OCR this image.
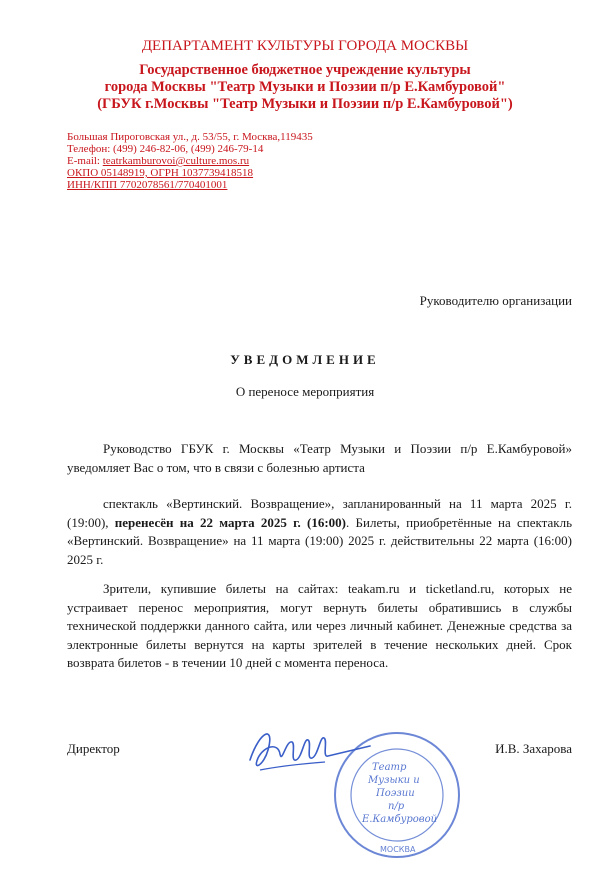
ДЕПАРТАМЕНТ КУЛЬТУРЫ ГОРОДА МОСКВЫ
Государственное бюджетное учреждение культуры
города Москвы "Театр Музыки и Поэзии п/р Е.Камбуровой"
(ГБУК г.Москвы "Театр Музыки и Поэзии п/р Е.Камбуровой")
Большая Пироговская ул., д. 53/55, г. Москва,119435
Телефон: (499) 246-82-06, (499) 246-79-14
E-mail: teatrkamburovoi@culture.mos.ru
ОКПО 05148919, ОГРН 1037739418518
ИНН/КПП 7702078561/770401001
Руководителю организации
УВЕДОМЛЕНИЕ
О переносе мероприятия
Руководство ГБУК г. Москвы «Театр Музыки и Поэзии п/р Е.Камбуровой» уведомляет Вас о том, что в связи с болезнью артиста
спектакль «Вертинский. Возвращение», запланированный на 11 марта 2025 г. (19:00), перенесён на 22 марта 2025 г. (16:00). Билеты, приобретённые на спектакль «Вертинский. Возвращение» на 11 марта (19:00) 2025 г. действительны 22 марта (16:00) 2025 г.
Зрители, купившие билеты на сайтах: teakam.ru и ticketland.ru, которых не устраивает перенос мероприятия, могут вернуть билеты обратившись в службы технической поддержки данного сайта, или через личный кабинет. Денежные средства за электронные билеты вернутся на карты зрителей в течение нескольких дней. Срок возврата билетов - в течении 10 дней с момента переноса.
Директор	И.В. Захарова
Театр
Музыки и
Поэзии
п/р
Е.Камбуровой
МОСКВА
